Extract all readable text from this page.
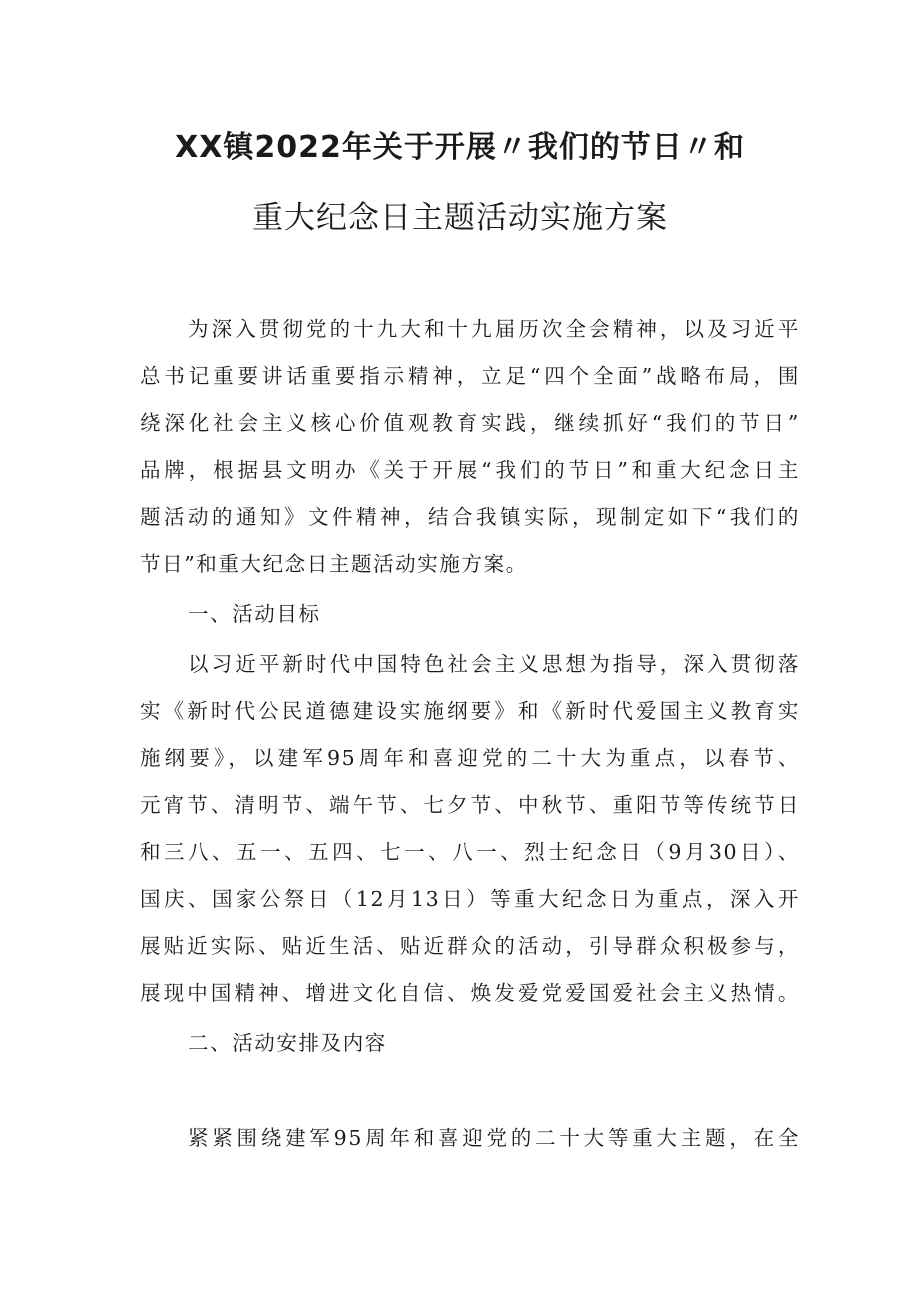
XX镇2022年关于开展〃我们的节日〃和
重大纪念日主题活动实施方案
为深入贯彻党的十九大和十九届历次全会精神，以及习近平
总书记重要讲话重要指示精神，立足“四个全面”战略布局，围
绕深化社会主义核心价值观教育实践，继续抓好“我们的节日”
品牌，根据县文明办《关于开展“我们的节日”和重大纪念日主
题活动的通知》文件精神，结合我镇实际，现制定如下“我们的
节日”和重大纪念日主题活动实施方案。
一、活动目标
以习近平新时代中国特色社会主义思想为指导，深入贯彻落
实《新时代公民道德建设实施纲要》和《新时代爱国主义教育实
施纲要》，以建军95周年和喜迎党的二十大为重点，以春节、
元宵节、清明节、端午节、七夕节、中秋节、重阳节等传统节日
和三八、五一、五四、七一、八一、烈士纪念日（9月30日）、
国庆、国家公祭日（12月13日）等重大纪念日为重点，深入开
展贴近实际、贴近生活、贴近群众的活动，引导群众积极参与，
展现中国精神、增进文化自信、焕发爱党爱国爱社会主义热情。
二、活动安排及内容
紧紧围绕建军95周年和喜迎党的二十大等重大主题，在全
